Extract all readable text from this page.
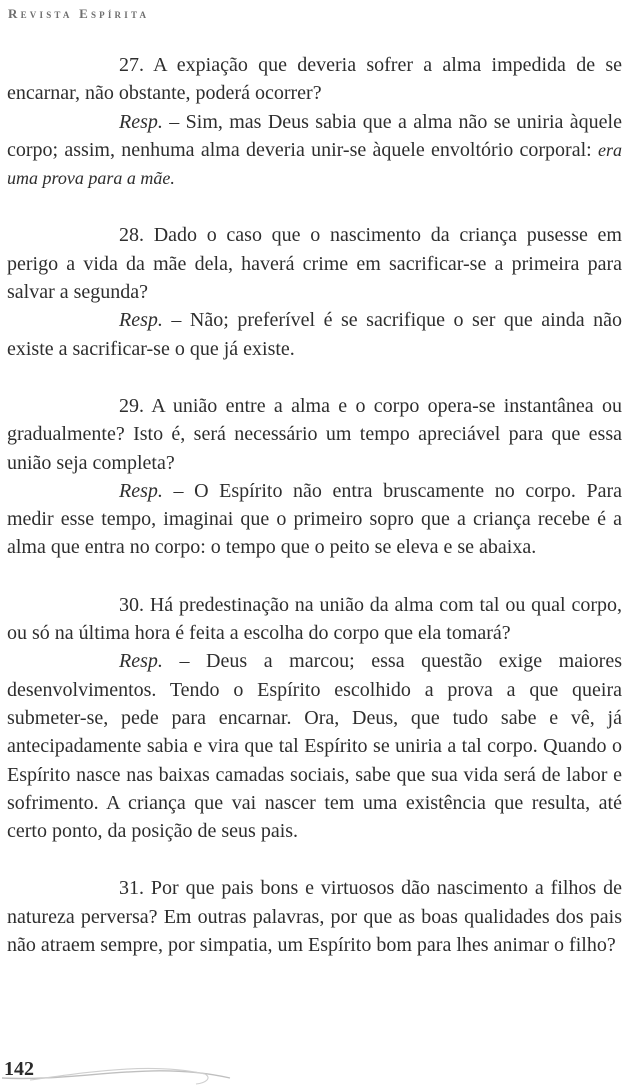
Revista Espírita

27. A expiação que deveria sofrer a alma impedida de se encarnar, não obstante, poderá ocorrer?

Resp. – Sim, mas Deus sabia que a alma não se uniria àquele corpo; assim, nenhuma alma deveria unir-se àquele envoltório corporal: era uma prova para a mãe.

28. Dado o caso que o nascimento da criança pusesse em perigo a vida da mãe dela, haverá crime em sacrificar-se a primeira para salvar a segunda?

Resp. – Não; preferível é se sacrifique o ser que ainda não existe a sacrificar-se o que já existe.

29. A união entre a alma e o corpo opera-se instantânea ou gradualmente? Isto é, será necessário um tempo apreciável para que essa união seja completa?

Resp. – O Espírito não entra bruscamente no corpo. Para medir esse tempo, imaginai que o primeiro sopro que a criança recebe é a alma que entra no corpo: o tempo que o peito se eleva e se abaixa.

30. Há predestinação na união da alma com tal ou qual corpo, ou só na última hora é feita a escolha do corpo que ela tomará?

Resp. – Deus a marcou; essa questão exige maiores desenvolvimentos. Tendo o Espírito escolhido a prova a que queira submeter-se, pede para encarnar. Ora, Deus, que tudo sabe e vê, já antecipadamente sabia e vira que tal Espírito se uniria a tal corpo. Quando o Espírito nasce nas baixas camadas sociais, sabe que sua vida será de labor e sofrimento. A criança que vai nascer tem uma existência que resulta, até certo ponto, da posição de seus pais.

31. Por que pais bons e virtuosos dão nascimento a filhos de natureza perversa? Em outras palavras, por que as boas qualidades dos pais não atraem sempre, por simpatia, um Espírito bom para lhes animar o filho?

142
